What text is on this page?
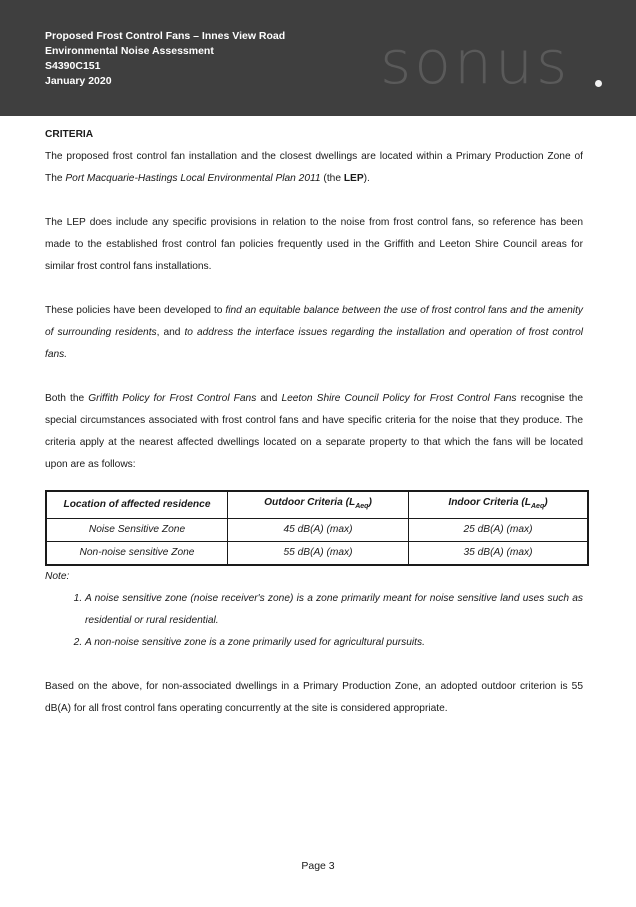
Proposed Frost Control Fans – Innes View Road
Environmental Noise Assessment
S4390C151
January 2020	sonus

CRITERIA

The proposed frost control fan installation and the closest dwellings are located within a Primary Production Zone of The Port Macquarie-Hastings Local Environmental Plan 2011 (the LEP).

The LEP does include any specific provisions in relation to the noise from frost control fans, so reference has been made to the established frost control fan policies frequently used in the Griffith and Leeton Shire Council areas for similar frost control fans installations.

These policies have been developed to find an equitable balance between the use of frost control fans and the amenity of surrounding residents, and to address the interface issues regarding the installation and operation of frost control fans.

Both the Griffith Policy for Frost Control Fans and Leeton Shire Council Policy for Frost Control Fans recognise the special circumstances associated with frost control fans and have specific criteria for the noise that they produce. The criteria apply at the nearest affected dwellings located on a separate property to that which the fans will be located upon are as follows:

Location of affected residence	Outdoor Criteria $(L_{Aeq})$	Indoor Criteria $(L_{Aeq})$
Noise Sensitive Zone	45 dB(A) (max)	25 dB(A) (max)
Non-noise sensitive Zone	55 dB(A) (max)	35 dB(A) (max)

Note:

1. A noise sensitive zone (noise receiver's zone) is a zone primarily meant for noise sensitive land uses such as residential or rural residential.
2. A non-noise sensitive zone is a zone primarily used for agricultural pursuits.

Based on the above, for non-associated dwellings in a Primary Production Zone, an adopted outdoor criterion is 55 dB(A) for all frost control fans operating concurrently at the site is considered appropriate.

Page 3
